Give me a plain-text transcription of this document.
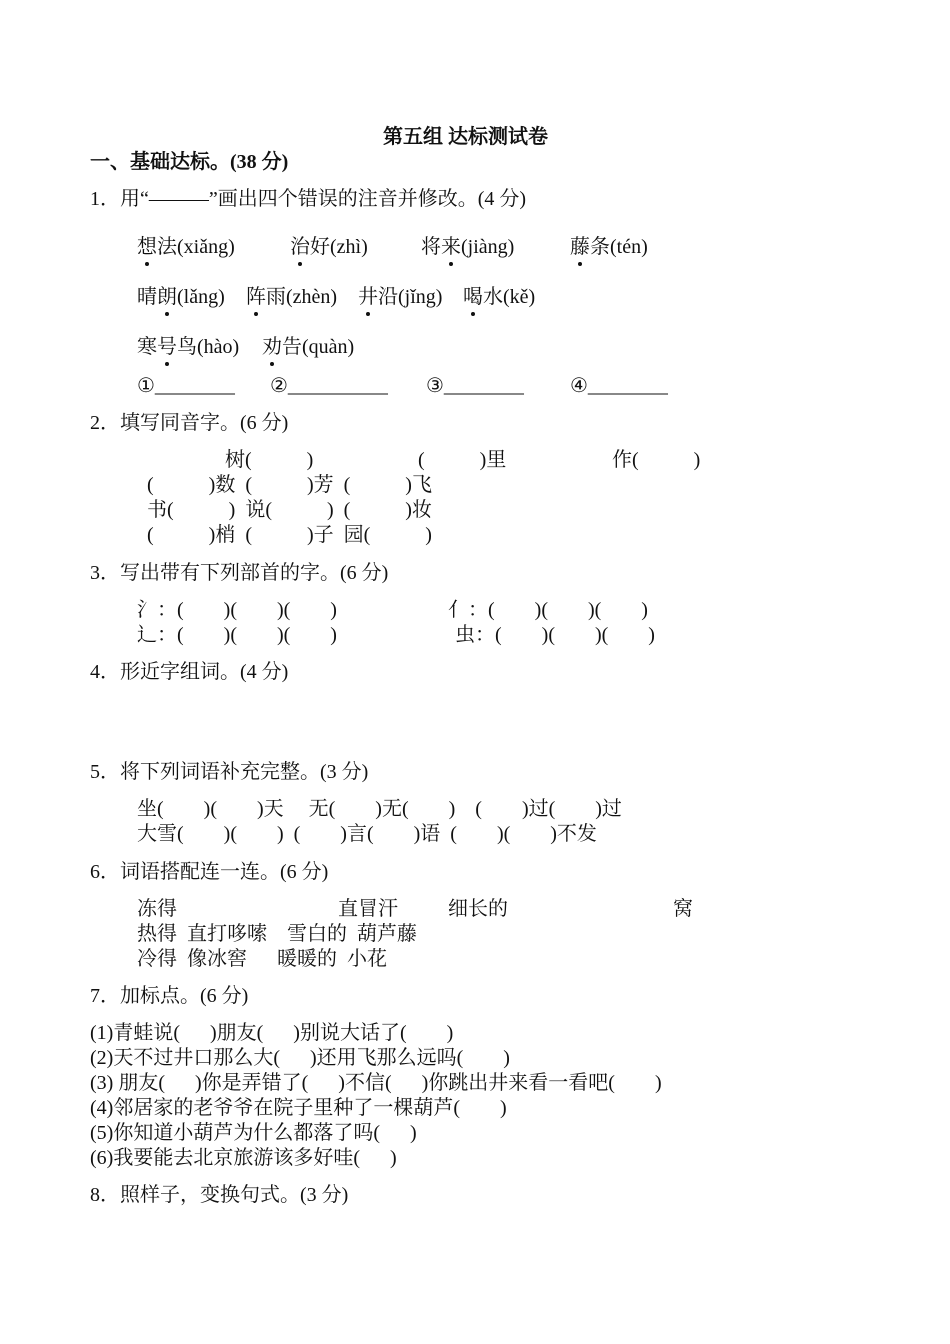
第五组 达标测试卷
一、基础达标。(38 分)
1．用“———”画出四个错误的注音并修改。(4 分)
想法(xiǎng)	治好(zhì)	将来(jiàng)	藤条(tén)
晴朗(lǎng) 阵雨(zhèn) 井沿(jǐng) 喝水(kě)
寒号鸟(hào) 劝告(quàn)
①________ ②__________ ③________ ④________
2．填写同音字。(6 分)
树(           )	(           )里	作(           )
(           )数  (           )芳  (           )飞
书(           )  说(           )  (           )妆
(           )梢  (           )子  园(           )
3．写出带有下列部首的字。(6 分)
氵：(        )(        )(        )	亻：(        )(        )(        )
辶：(        )(        )(        )	虫：(        )(        )(        )
4．形近字组词。(4 分)
5．将下列词语补充完整。(3 分)
坐(        )(        )天     无(        )无(        )    (        )过(        )过
大雪(        )(        )  (        )言(        )语  (        )(        )不发
6．词语搭配连一连。(6 分)
冻得	直冒汗	细长的	窝
热得  直打哆嗦    雪白的  葫芦藤
冷得  像冰窖      暖暖的  小花
7．加标点。(6 分)
(1)青蛙说(      )朋友(      )别说大话了(        )
(2)天不过井口那么大(      )还用飞那么远吗(        )
(3) 朋友(      )你是弄错了(      )不信(      )你跳出井来看一看吧(        )
(4)邻居家的老爷爷在院子里种了一棵葫芦(        )
(5)你知道小葫芦为什么都落了吗(      )
(6)我要能去北京旅游该多好哇(      )
8．照样子，变换句式。(3 分)
